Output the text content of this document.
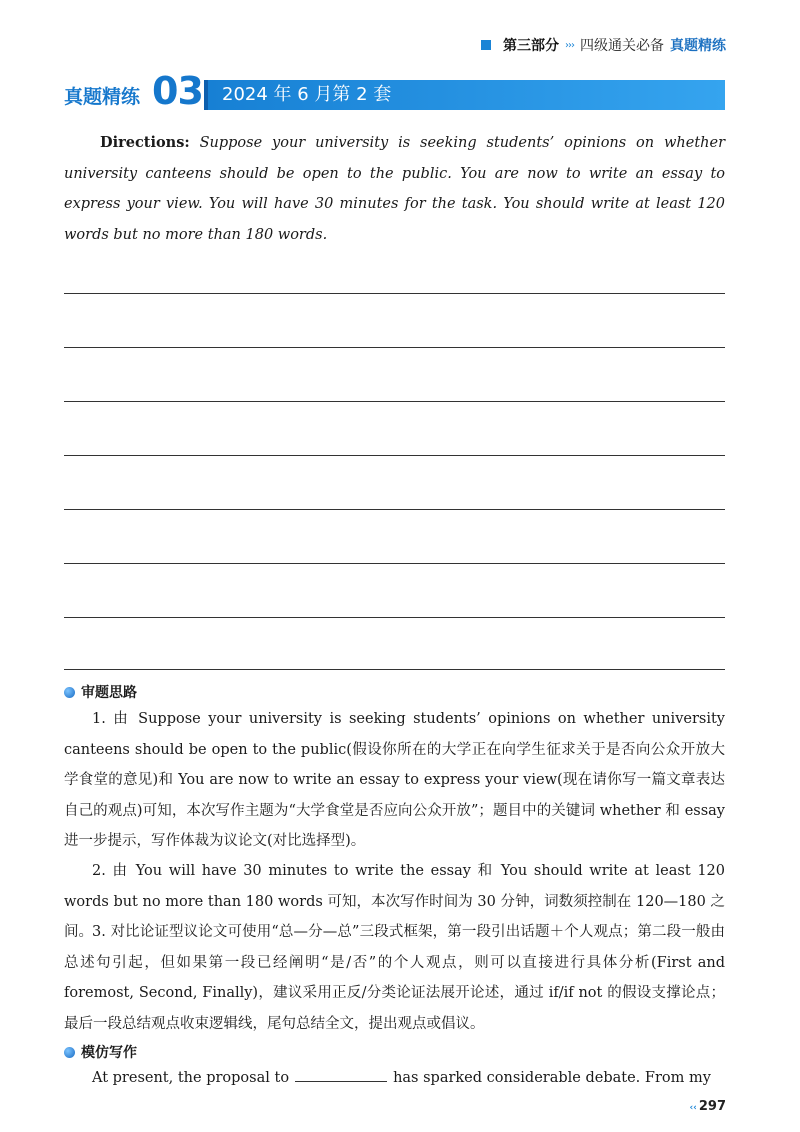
第三部分 ››› 四级通关必备 真题精练
真题精练 03	2024 年 6 月第 2 套
Directions: Suppose your university is seeking students’ opinions on whether university canteens should be open to the public. You are now to write an essay to express your view. You will have 30 minutes for the task. You should write at least 120 words but no more than 180 words.
审题思路
1. 由 Suppose your university is seeking students’ opinions on whether university canteens should be open to the public(假设你所在的大学正在向学生征求关于是否向公众开放大学食堂的意见)和 You are now to write an essay to express your view(现在请你写一篇文章表达自己的观点)可知，本次写作主题为“大学食堂是否应向公众开放”；题目中的关键词 whether 和 essay 进一步提示，写作体裁为议论文(对比选择型)。
2. 由 You will have 30 minutes to write the essay 和 You should write at least 120 words but no more than 180 words 可知，本次写作时间为 30 分钟，词数须控制在 120—180 之间。 3. 对比论证型议论文可使用“总—分—总”三段式框架，第一段引出话题＋个人观点；第二段一般由总述句引起，但如果第一段已经阐明“是/否”的个人观点，则可以直接进行具体分析(First and foremost, Second, Finally)，建议采用正反/分类论证法展开论述，通过 if/if not 的假设支撑论点；最后一段总结观点收束逻辑线，尾句总结全文，提出观点或倡议。
模仿写作
At present, the proposal to	has sparked considerable debate. From my
‹‹ 297
